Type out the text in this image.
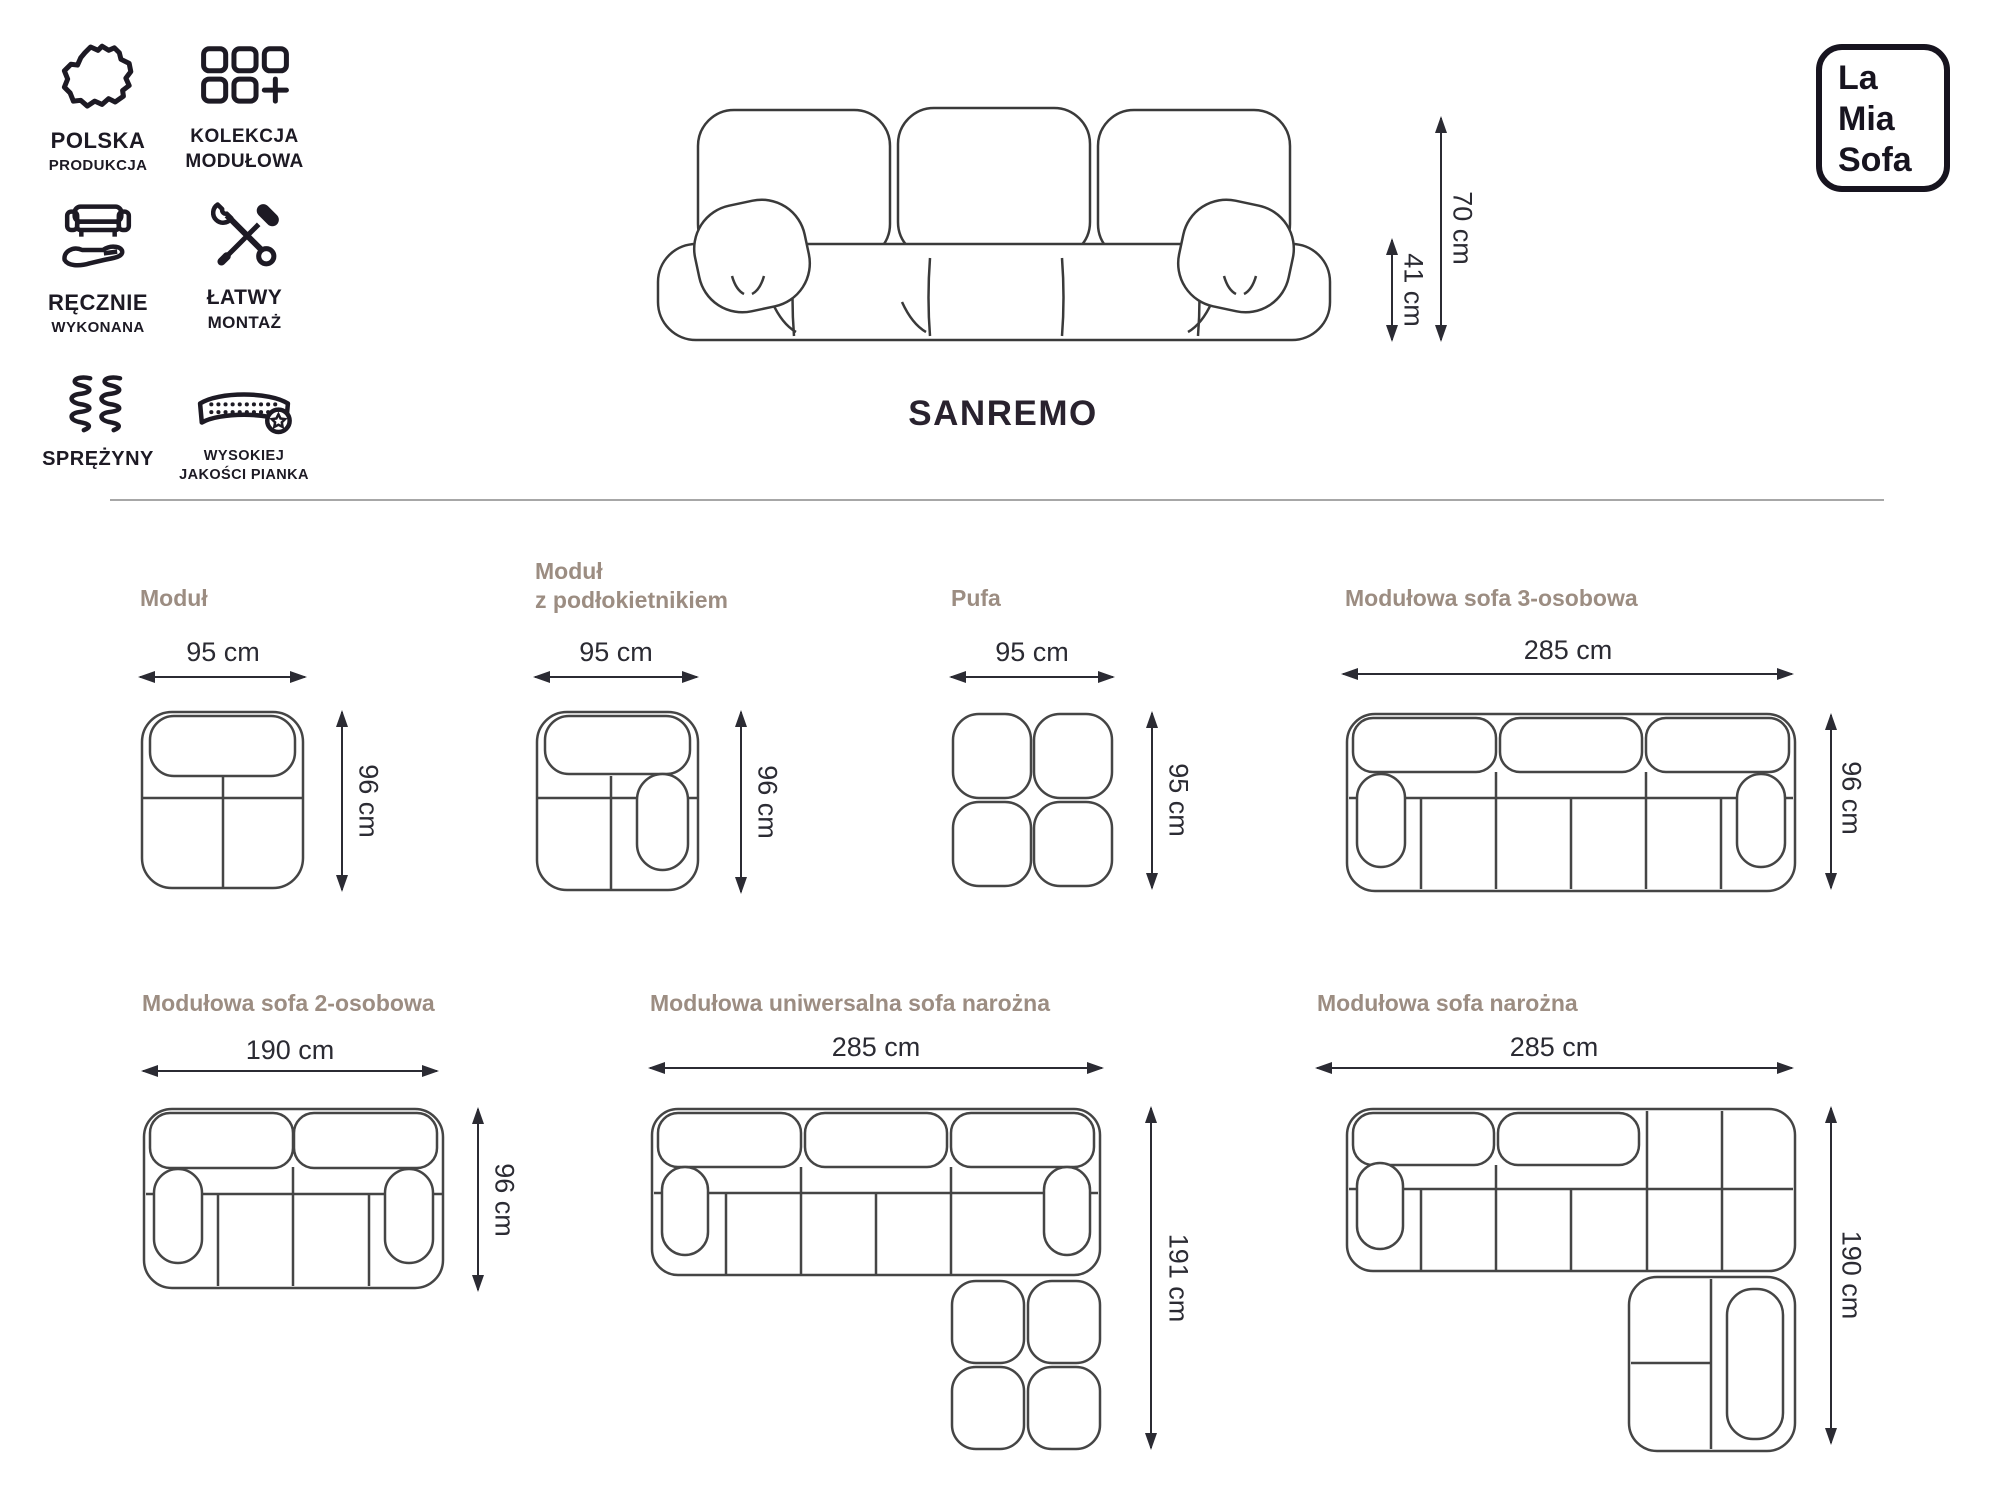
POLSKA
PRODUKCJA
KOLEKCJA
MODUŁOWA
RĘCZNIE
WYKONANA
ŁATWY
MONTAŻ
SPRĘŻYNY	WYSOKIEJ
JAKOŚCI PIANKA
La
Mia
Sofa
70 cm
41 cm
SANREMO
Moduł
95 cm
96 cm
Moduł
z podłokietnikiem
95 cm
96 cm
Pufa
95 cm
95 cm
Modułowa sofa 3-osobowa
285 cm
96 cm
Modułowa sofa 2-osobowa
190 cm
96 cm
Modułowa uniwersalna sofa narożna
285 cm
191 cm
Modułowa sofa narożna
285 cm
190 cm
